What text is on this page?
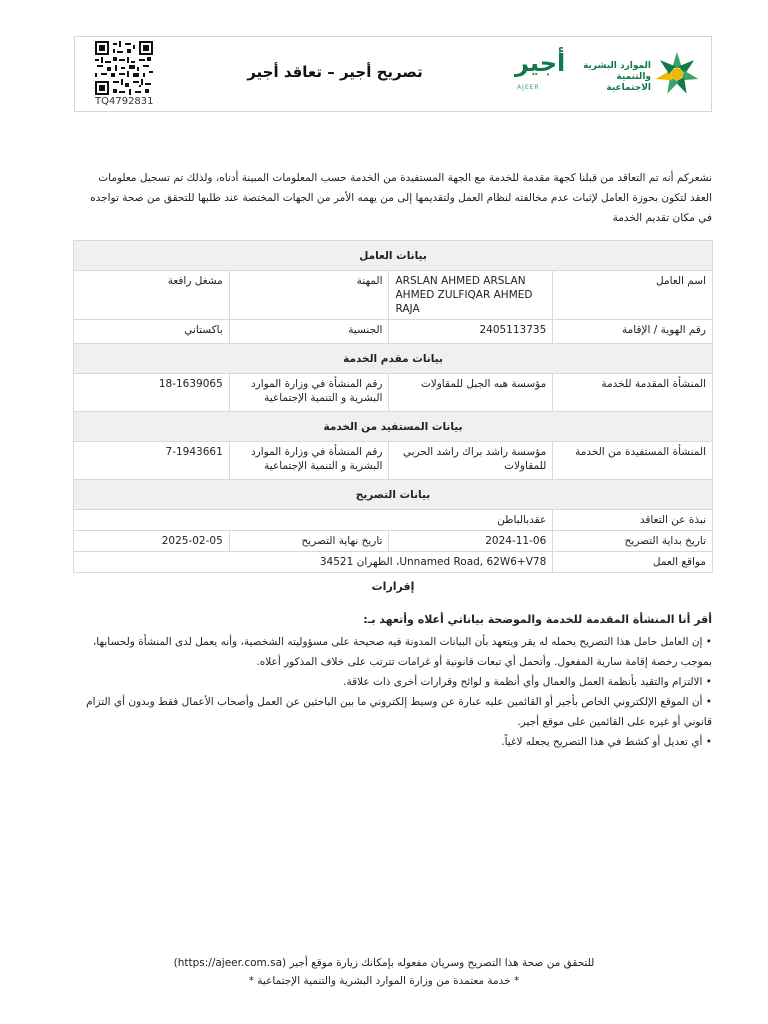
TQ4792831
تصريح أجير – تعاقد أجير	أجير
AJEER
الموارد البشرية
والتنمية الاجتماعية
نشعركم أنه تم التعاقد من قبلنا كجهة مقدمة للخدمة مع الجهة المستفيدة من الخدمة حسب المعلومات المبينة أدناه، ولذلك تم تسجيل معلومات العقد لتكون بحوزة العامل لإثبات عدم مخالفته لنظام العمل ولتقديمها إلى من يهمه الأمر من الجهات المختصة عند طلبها للتحقق من صحة تواجده في مكان تقديم الخدمة
بيانات العامل			
اسم العامل	ARSLAN AHMED ARSLAN AHMED ZULFIQAR AHMED RAJA	المهنة	مشغل رافعة
رقم الهوية / الإقامة	2405113735	الجنسية	باكستاني
بيانات مقدم الخدمة			
المنشأة المقدمة للخدمة	مؤسسة هبه الجبل للمقاولات	رقم المنشأة في وزارة الموارد البشرية و التنمية الإجتماعية	18-1639065
بيانات المستفيد من الخدمة			
المنشأة المستفيدة من الخدمة	مؤسسة راشد براك راشد الحربي للمقاولات	رقم المنشأة في وزارة الموارد البشرية و التنمية الإجتماعية	7-1943661
بيانات التصريح			
نبذة عن التعاقد	عقدبالباطن		
تاريخ بداية التصريح	2024-11-06	تاريخ نهاية التصريح	2025-02-05
مواقع العمل	Unnamed Road, 62W6+V78، الظهران 34521		
إقرارات
أقر أنا المنشأة المقدمة للخدمة والموضحة بياناتي أعلاه وأتعهد بـ:
• إن العامل حامل هذا التصريح يحمله له يقر ويتعهد بأن البيانات المدونة فيه صحيحة على مسؤوليته الشخصية، وأنه يعمل لدى المنشأة ولحسابها، بموجب رخصة إقامة سارية المفعول. وأتحمل أي تبعات قانونية أو غرامات تترتب على خلاف المذكور أعلاه.
• الالتزام والتقيد بأنظمة العمل والعمال وأي أنظمة و لوائح وقرارات أخرى ذات علاقة.
• أن الموقع الإلكتروني الخاص بأجير أو القائمين عليه عبارة عن وسيط إلكتروني ما بين الباحثين عن العمل وأصحاب الأعمال فقط وبدون أي التزام قانوني أو غيره على القائمين على موقع أجير.
• أي تعديل أو كشط في هذا التصريح يجعله لاغياً.
للتحقق من صحة هذا التصريح وسريان مفعوله بإمكانك زيارة موقع أجير (https://ajeer.com.sa)
* خدمة معتمدة من وزارة الموارد البشرية والتنمية الإجتماعية *
